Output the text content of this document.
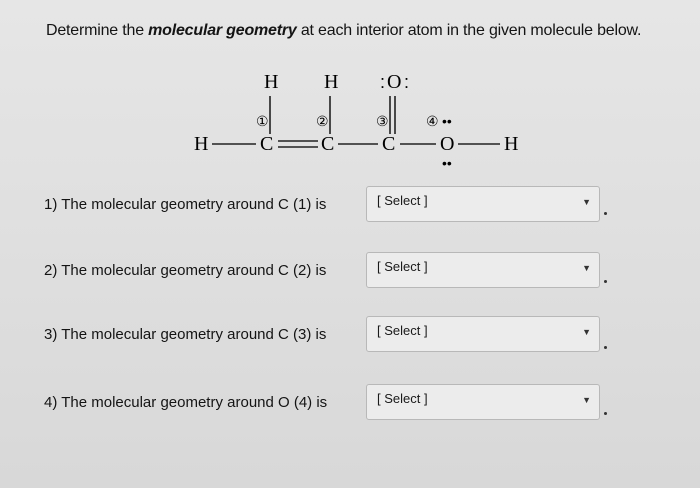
Determine the molecular geometry at each interior atom in the given molecule below.
H H : O :
①	②	③	④ ••
H	C C C O H
••
1) The molecular geometry around C (1) is	[ Select ]	▼
2) The molecular geometry around C (2) is	[ Select ]	▼
3) The molecular geometry around C (3) is	[ Select ]	▼
4) The molecular geometry around O (4) is	[ Select ]	▼
